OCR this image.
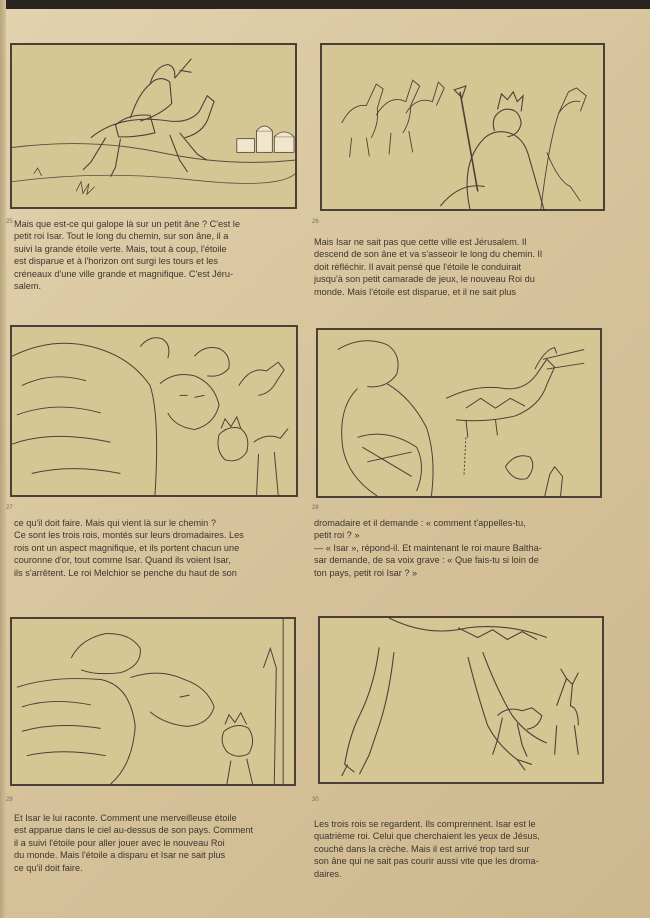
25 Mais que est-ce qui galope là sur un petit âne ? C'est le
petit roi Isar. Tout le long du chemin, sur son âne, il a
suivi la grande étoile verte. Mais, tout à coup, l'étoile
est disparue et à l'horizon ont surgi les tours et les
créneaux d'une ville grande et magnifique. C'est Jéru-
salem.
26
Mais Isar ne sait pas que cette ville est Jérusalem. Il
descend de son âne et va s'asseoir le long du chemin. Il
doit réfléchir. Il avait pensé que l'étoile le conduirait
jusqu'à son petit camarade de jeux, le nouveau Roi du
monde. Mais l'étoile est disparue, et il ne sait plus
27
ce qu'il doit faire. Mais qui vient là sur le chemin ?
Ce sont les trois rois, montés sur leurs dromadaires. Les
rois ont un aspect magnifique, et ils portent chacun une
couronne d'or, tout comme Isar. Quand ils voient Isar,
ils s'arrêtent. Le roi Melchior se penche du haut de son
28
dromadaire et il demande : « comment t'appelles-tu,
petit roi ? »
— « Isar », répond-il. Et maintenant le roi maure Baltha-
sar demande, de sa voix grave : « Que fais-tu si loin de
ton pays, petit roi Isar ? »
29
Et Isar le lui raconte. Comment une merveilleuse étoile
est apparue dans le ciel au-dessus de son pays. Comment
il a suivi l'étoile pour aller jouer avec le nouveau Roi
du monde. Mais l'étoile a disparu et Isar ne sait plus
ce qu'il doit faire.
30
Les trois rois se regardent. Ils comprennent. Isar est le
quatrième roi. Celui que cherchaient les yeux de Jésus,
couché dans la crèche. Mais il est arrivé trop tard sur
son âne qui ne sait pas courir aussi vite que les droma-
daires.
